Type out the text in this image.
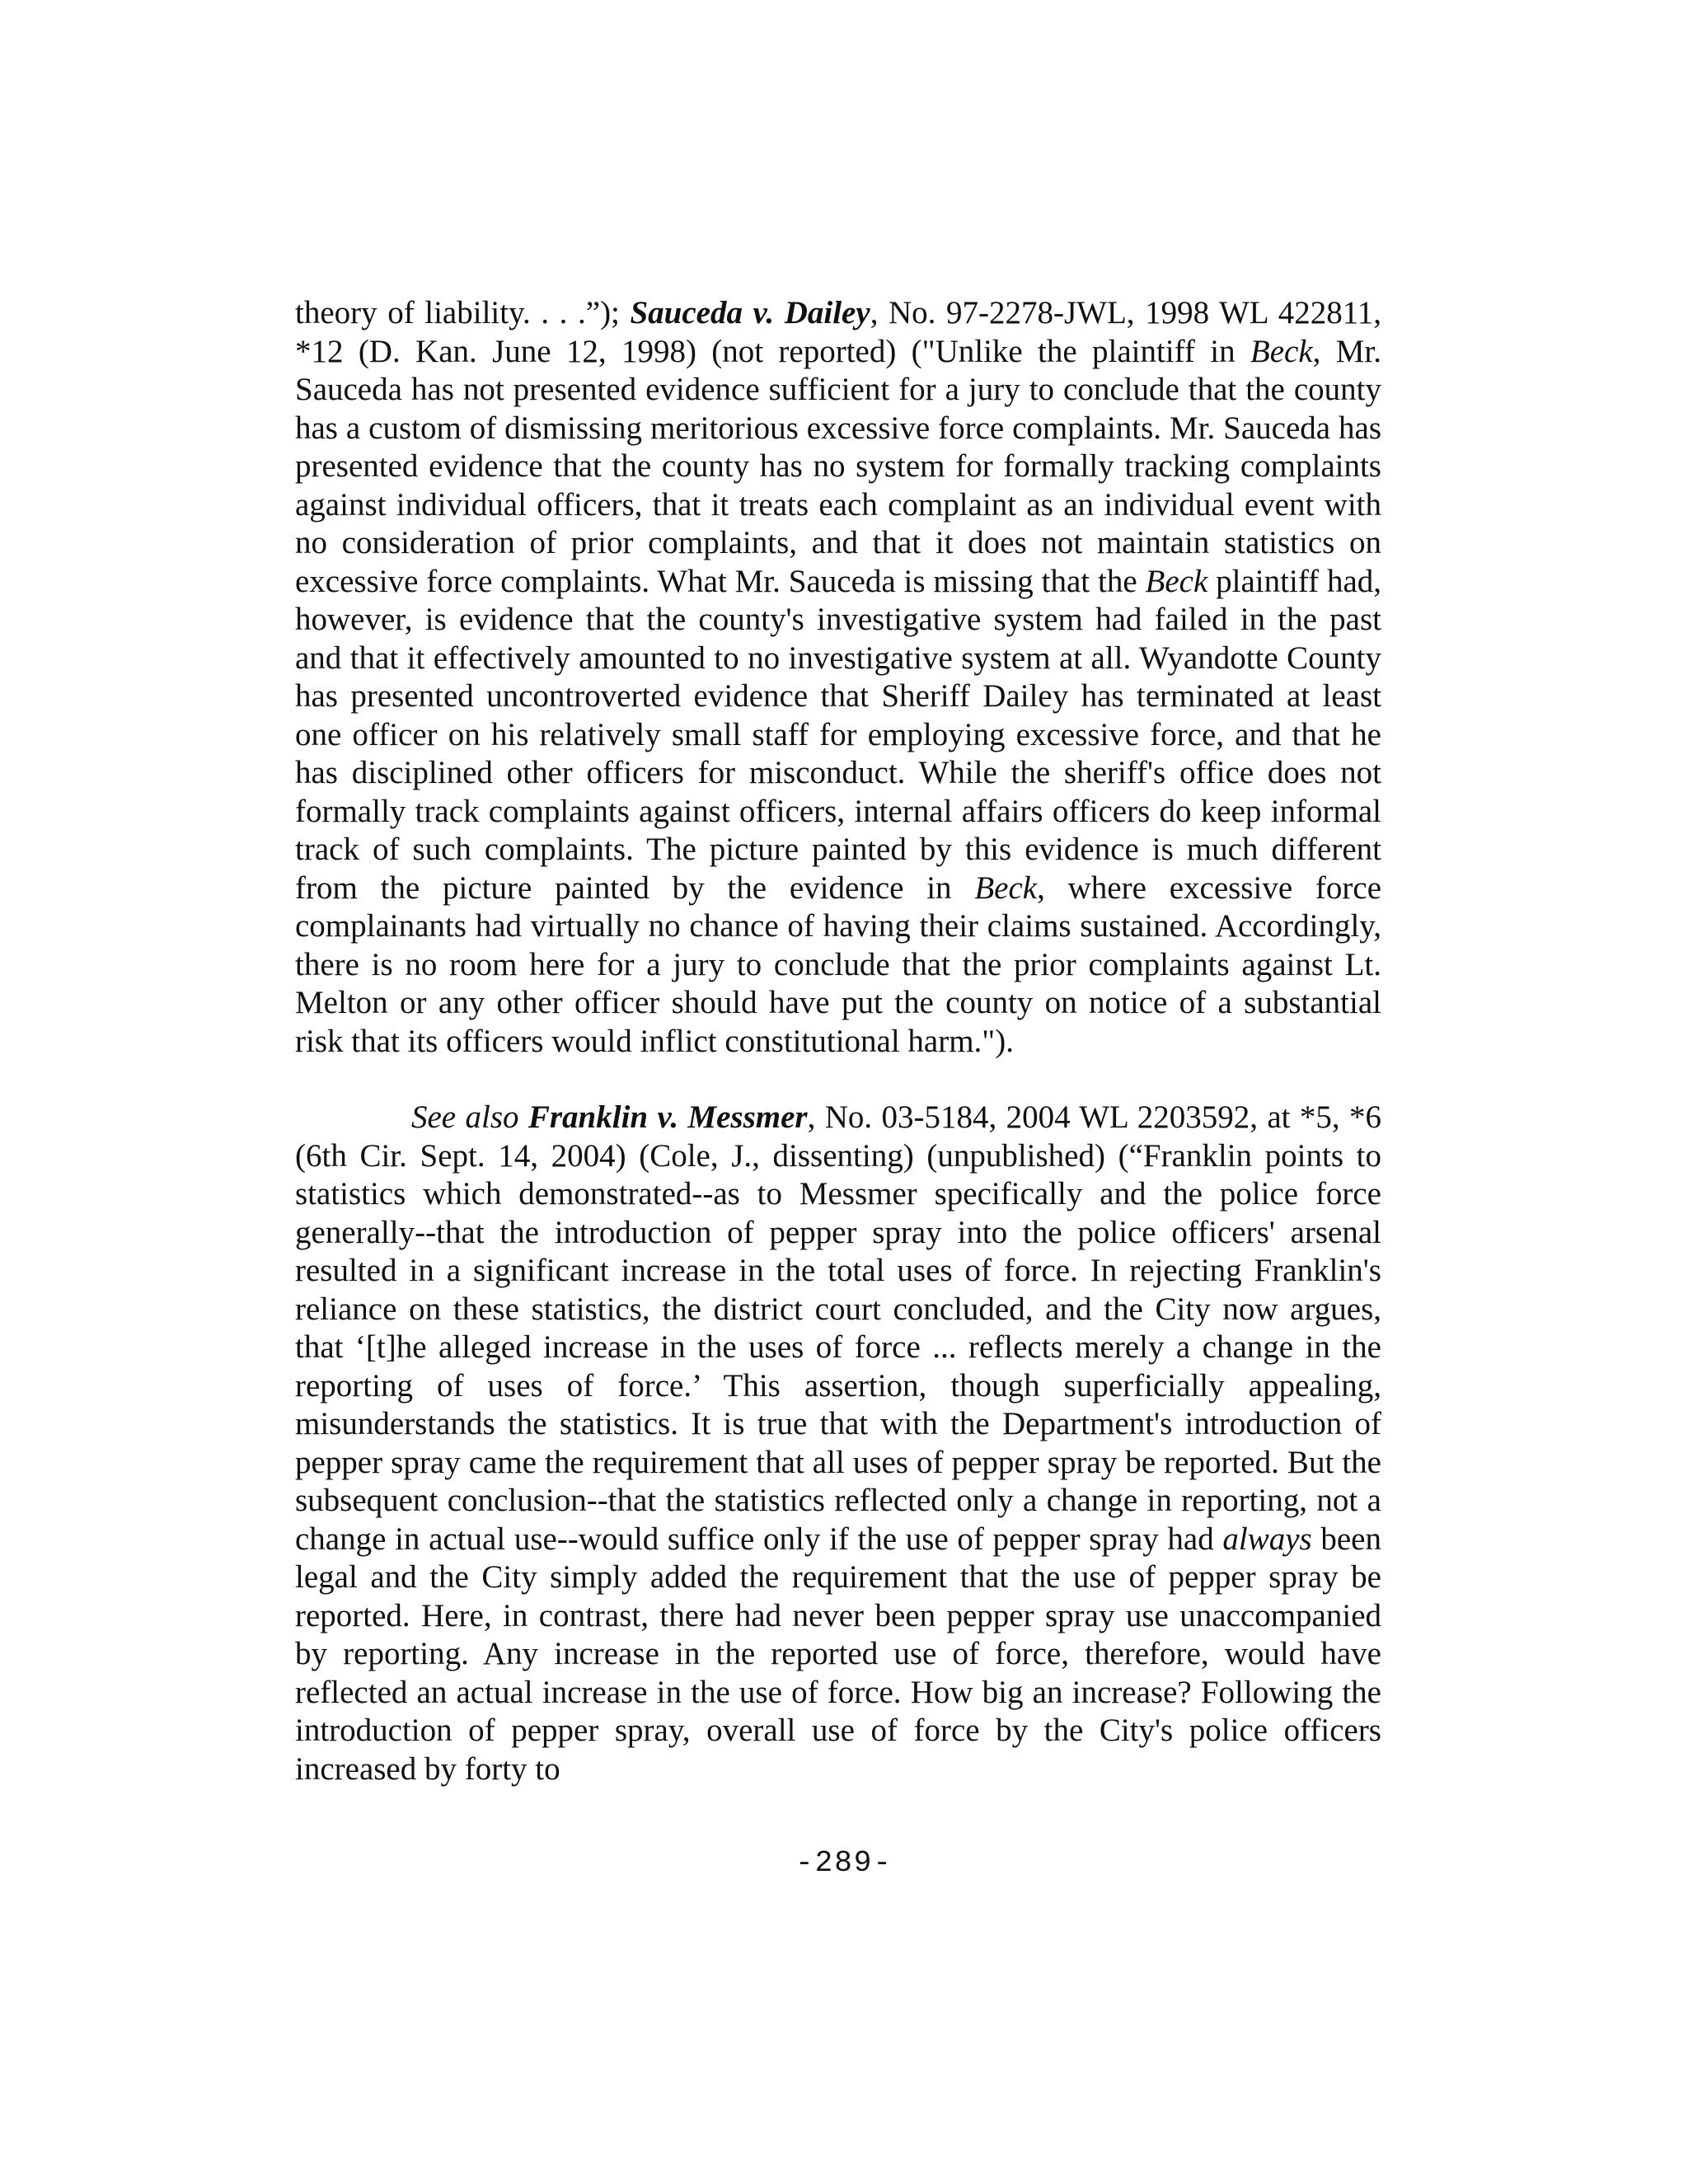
theory of liability. . . .”); Sauceda v. Dailey, No. 97-2278-JWL, 1998 WL 422811, *12 (D. Kan. June 12, 1998) (not reported) ("Unlike the plaintiff in Beck, Mr. Sauceda has not presented evidence sufficient for a jury to conclude that the county has a custom of dismissing meritorious excessive force complaints. Mr. Sauceda has presented evidence that the county has no system for formally tracking complaints against individual officers, that it treats each complaint as an individual event with no consideration of prior complaints, and that it does not maintain statistics on excessive force complaints. What Mr. Sauceda is missing that the Beck plaintiff had, however, is evidence that the county's investigative system had failed in the past and that it effectively amounted to no investigative system at all. Wyandotte County has presented uncontroverted evidence that Sheriff Dailey has terminated at least one officer on his relatively small staff for employing excessive force, and that he has disciplined other officers for misconduct. While the sheriff's office does not formally track complaints against officers, internal affairs officers do keep informal track of such complaints. The picture painted by this evidence is much different from the picture painted by the evidence in Beck, where excessive force complainants had virtually no chance of having their claims sustained. Accordingly, there is no room here for a jury to conclude that the prior complaints against Lt. Melton or any other officer should have put the county on notice of a substantial risk that its officers would inflict constitutional harm.").

See also Franklin v. Messmer, No. 03-5184, 2004 WL 2203592, at *5, *6 (6th Cir. Sept. 14, 2004) (Cole, J., dissenting) (unpublished) (“Franklin points to statistics which demonstrated--as to Messmer specifically and the police force generally--that the introduction of pepper spray into the police officers' arsenal resulted in a significant increase in the total uses of force. In rejecting Franklin's reliance on these statistics, the district court concluded, and the City now argues, that ‘[t]he alleged increase in the uses of force ... reflects merely a change in the reporting of uses of force.’ This assertion, though superficially appealing, misunderstands the statistics. It is true that with the Department's introduction of pepper spray came the requirement that all uses of pepper spray be reported. But the subsequent conclusion--that the statistics reflected only a change in reporting, not a change in actual use--would suffice only if the use of pepper spray had always been legal and the City simply added the requirement that the use of pepper spray be reported. Here, in contrast, there had never been pepper spray use unaccompanied by reporting. Any increase in the reported use of force, therefore, would have reflected an actual increase in the use of force. How big an increase? Following the introduction of pepper spray, overall use of force by the City's police officers increased by forty to

-289-
